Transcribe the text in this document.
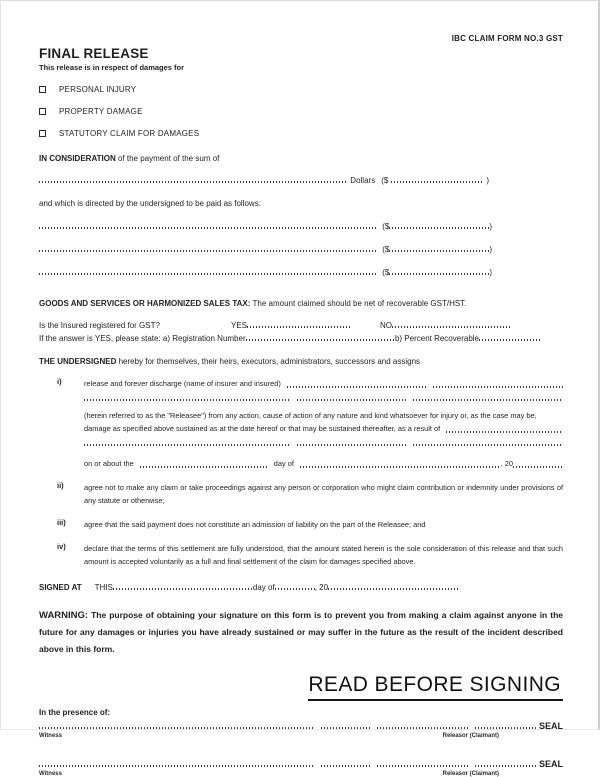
IBC CLAIM FORM NO.3 GST
FINAL RELEASE
This release is in respect of damages for
PERSONAL INJURY
PROPERTY DAMAGE
STATUTORY CLAIM FOR DAMAGES
IN CONSIDERATION of the payment of the sum of
Dollars ($	)
and which is directed by the undersigned to be paid as follows:
($	)
($	)
($	)
GOODS AND SERVICES OR HARMONIZED SALES TAX: The amount claimed should be net of recoverable GST/HST.
Is the Insured registered for GST?	YES	NO
If the answer is YES, please state: a) Registration Number	b) Percent Recoverable
THE UNDERSIGNED hereby for themselves, their heirs, executors, administrators, successors and assigns
i)	release and forever discharge (name of insurer and insured)
(herein referred to as the "Releasee") from any action, cause of action of any nature and kind whatsoever for injury or, as the case may be,
damage as specified above sustained as at the date hereof or that may be sustained thereafter, as a result of
on or about the	day of	, 20
ii)	agree not to make any claim or take proceedings against any person or corporation who might claim contribution or indemnity under provisions of any statute or otherwise;
iii)	agree that the said payment does not constitute an admission of liability on the part of the Releasee; and
iv)	declare that the terms of this settlement are fully understood, that the amount stated herein is the sole consideration of this release and that such amount is accepted voluntarily as a full and final settlement of the claim for damages specified above.
SIGNED AT THIS	day of	, 20
WARNING: The purpose of obtaining your signature on this form is to prevent you from making a claim against anyone in the future for any damages or injuries you have already sustained or may suffer in the future as the result of the incident described above in this form.
READ BEFORE SIGNING
In the presence of:
SEAL
Witness	Releasor (Claimant)
SEAL
Witness	Releasor (Claimant)
